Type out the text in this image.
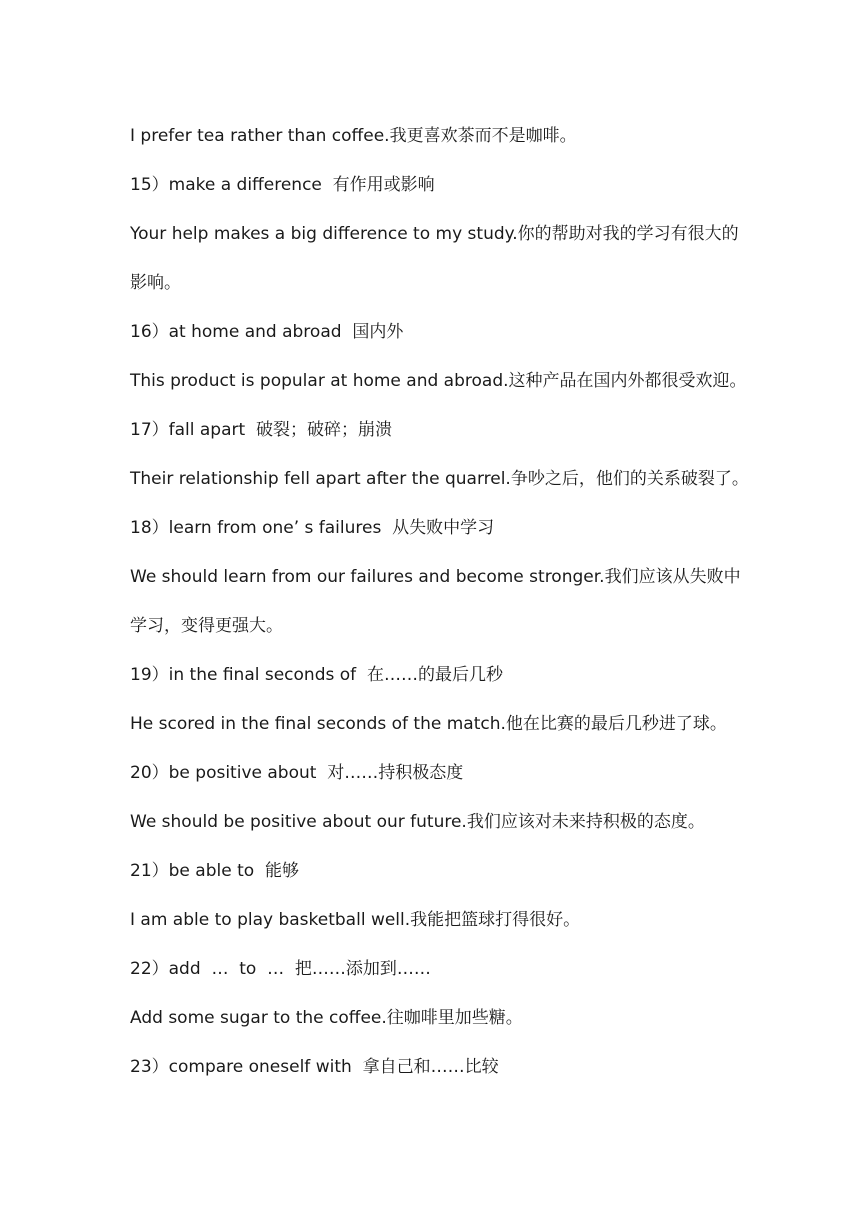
I prefer tea rather than coffee.我更喜欢茶而不是咖啡。

15）make a difference  有作用或影响

Your help makes a big difference to my study.你的帮助对我的学习有很大的

影响。

16）at home and abroad  国内外

This product is popular at home and abroad.这种产品在国内外都很受欢迎。

17）fall apart  破裂；破碎；崩溃

Their relationship fell apart after the quarrel.争吵之后，他们的关系破裂了。

18）learn from one’ s failures  从失败中学习

We should learn from our failures and become stronger.我们应该从失败中

学习，变得更强大。

19）in the final seconds of  在……的最后几秒

He scored in the final seconds of the match.他在比赛的最后几秒进了球。

20）be positive about  对……持积极态度

We should be positive about our future.我们应该对未来持积极的态度。

21）be able to  能够

I am able to play basketball well.我能把篮球打得很好。

22）add  …  to  …  把……添加到……

Add some sugar to the coffee.往咖啡里加些糖。

23）compare oneself with  拿自己和……比较
